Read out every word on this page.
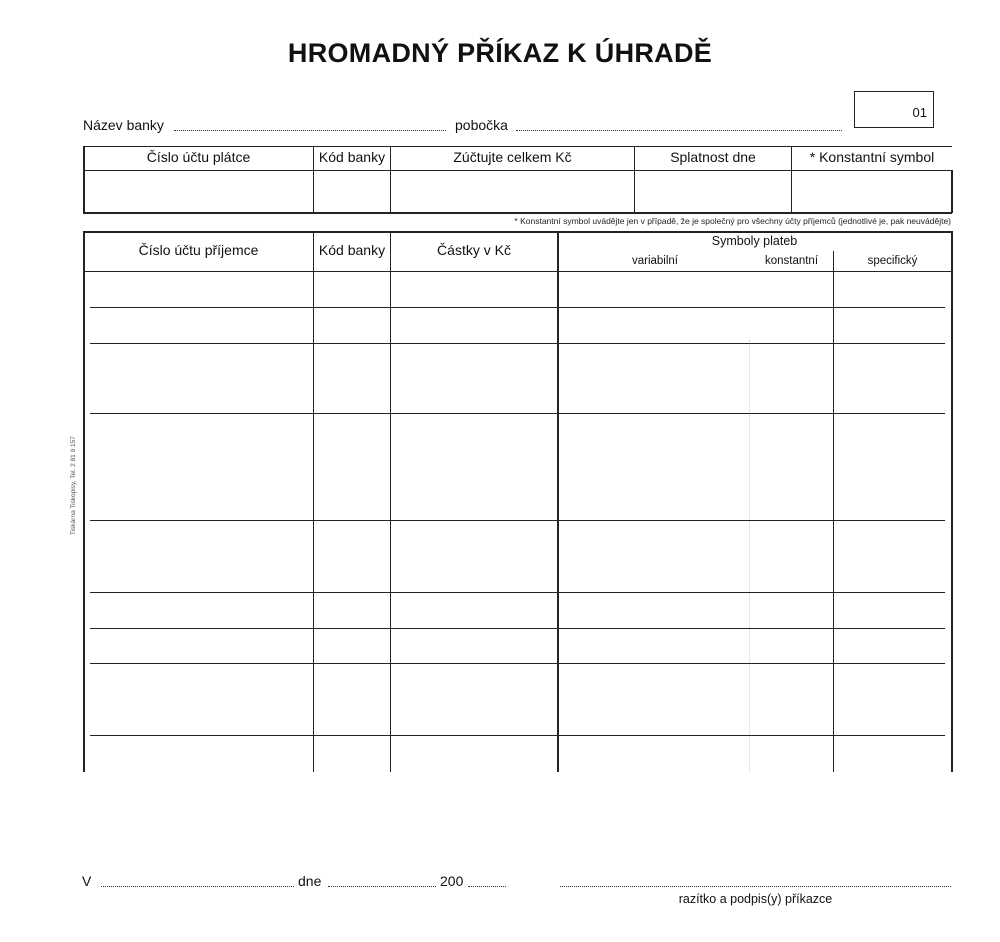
HROMADNÝ PŘÍKAZ K ÚHRADĚ
Název banky	pobočka
01
Číslo účtu plátce	Kód banky	Zúčtujte celkem Kč	Splatnost dne	* Konstantní symbol
* Konstantní symbol uvádějte jen v případě, že je společný pro všechny účty příjemců (jednotlivé je, pak neuvádějte)
Tiskárna Tiskopisy, Tel. 2 81 9 157
Číslo účtu příjemce	Kód banky	Částky v Kč
Symboly plateb
variabilní	konstantní	specifický
V	dne	200
razítko a podpis(y) příkazce
